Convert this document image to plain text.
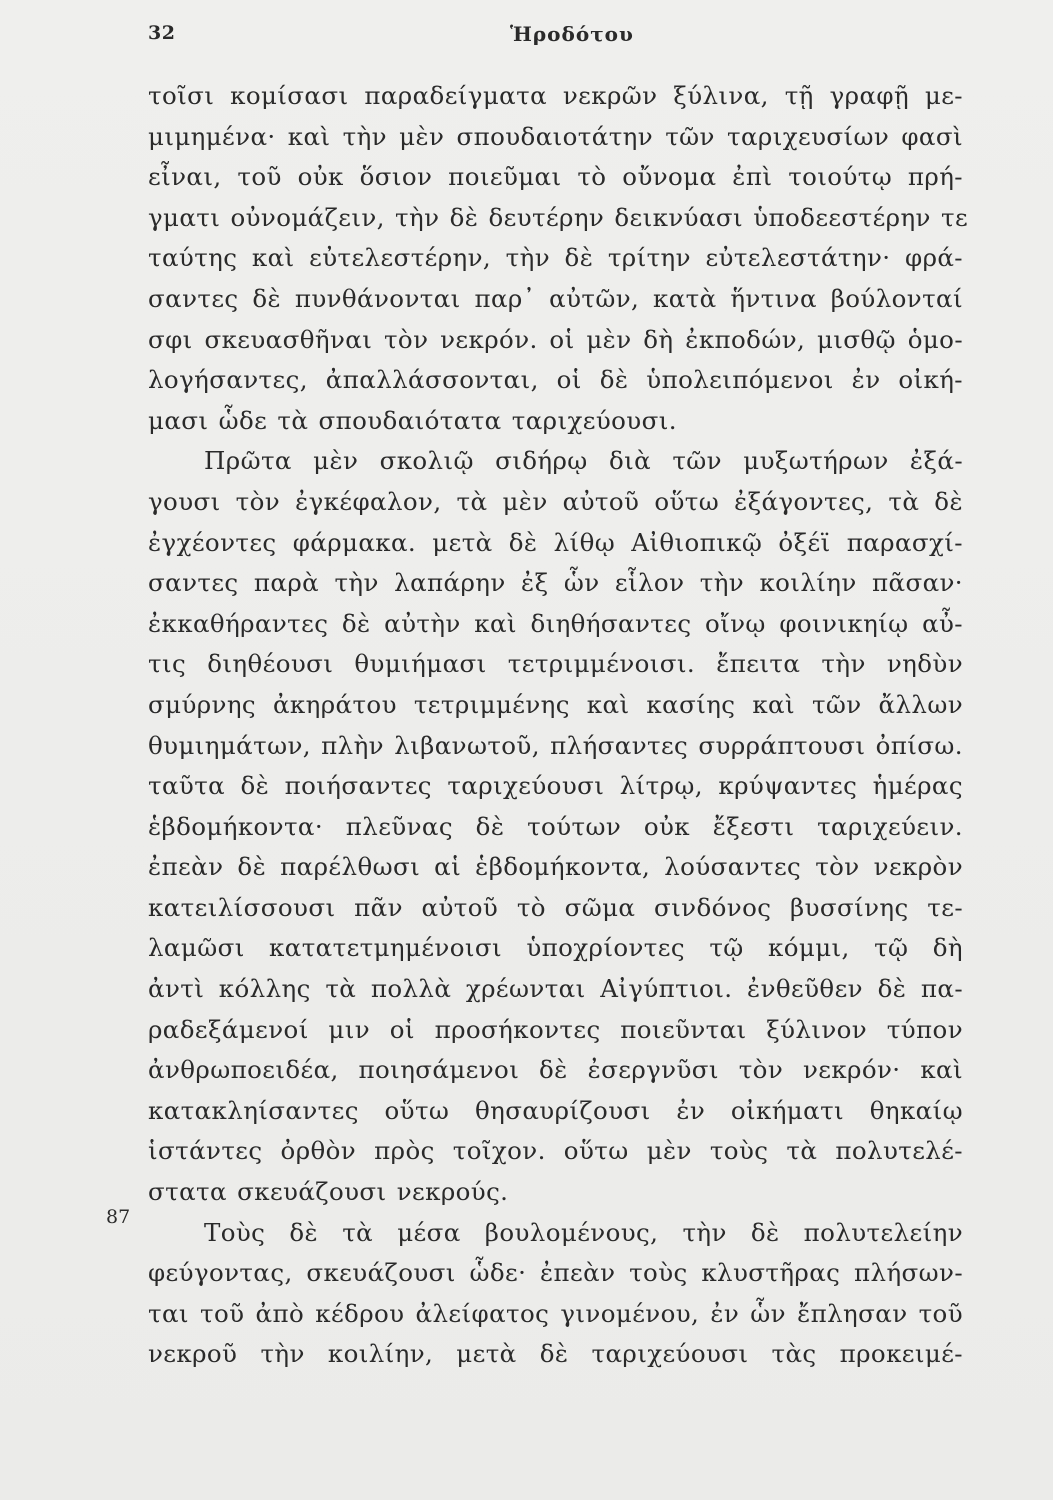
32	Ἡροδότου
87
τοῖσι κομίσασι παραδείγματα νεκρῶν ξύλινα, τῇ γραφῇ με-
μιμημένα· καὶ τὴν μὲν σπουδαιοτάτην τῶν ταριχευσίων φασὶ
εἶναι, τοῦ οὐκ ὅσιον ποιεῦμαι τὸ οὔνομα ἐπὶ τοιούτῳ πρή-
γματι οὐνομάζειν, τὴν δὲ δευτέρην δεικνύασι ὑποδεεστέρην τε
ταύτης καὶ εὐτελεστέρην, τὴν δὲ τρίτην εὐτελεστάτην· φρά-
σαντες δὲ πυνθάνονται παρ᾽ αὐτῶν, κατὰ ἥντινα βούλονταί
σφι σκευασθῆναι τὸν νεκρόν. οἱ μὲν δὴ ἐκποδών, μισθῷ ὁμο-
λογήσαντες, ἀπαλλάσσονται, οἱ δὲ ὑπολειπόμενοι ἐν οἰκή-
μασι ὧδε τὰ σπουδαιότατα ταριχεύουσι.
Πρῶτα μὲν σκολιῷ σιδήρῳ διὰ τῶν μυξωτήρων ἐξά-
γουσι τὸν ἐγκέφαλον, τὰ μὲν αὐτοῦ οὕτω ἐξάγοντες, τὰ δὲ
ἐγχέοντες φάρμακα. μετὰ δὲ λίθῳ Αἰθιοπικῷ ὀξέϊ παρασχί-
σαντες παρὰ τὴν λαπάρην ἐξ ὧν εἷλον τὴν κοιλίην πᾶσαν·
ἐκκαθήραντες δὲ αὐτὴν καὶ διηθήσαντες οἴνῳ φοινικηίῳ αὖ-
τις διηθέουσι θυμιήμασι τετριμμένοισι. ἔπειτα τὴν νηδὺν
σμύρνης ἀκηράτου τετριμμένης καὶ κασίης καὶ τῶν ἄλλων
θυμιημάτων, πλὴν λιβανωτοῦ, πλήσαντες συρράπτουσι ὀπίσω.
ταῦτα δὲ ποιήσαντες ταριχεύουσι λίτρῳ, κρύψαντες ἡμέρας
ἑβδομήκοντα· πλεῦνας δὲ τούτων οὐκ ἔξεστι ταριχεύειν.
ἐπεὰν δὲ παρέλθωσι αἱ ἑβδομήκοντα, λούσαντες τὸν νεκρὸν
κατειλίσσουσι πᾶν αὐτοῦ τὸ σῶμα σινδόνος βυσσίνης τε-
λαμῶσι κατατετμημένοισι ὑποχρίοντες τῷ κόμμι, τῷ δὴ
ἀντὶ κόλλης τὰ πολλὰ χρέωνται Αἰγύπτιοι. ἐνθεῦθεν δὲ πα-
ραδεξάμενοί μιν οἱ προσήκοντες ποιεῦνται ξύλινον τύπον
ἀνθρωποειδέα, ποιησάμενοι δὲ ἐσεργνῦσι τὸν νεκρόν· καὶ
κατακληίσαντες οὕτω θησαυρίζουσι ἐν οἰκήματι θηκαίῳ
ἱστάντες ὀρθὸν πρὸς τοῖχον. οὕτω μὲν τοὺς τὰ πολυτελέ-
στατα σκευάζουσι νεκρούς.
Τοὺς δὲ τὰ μέσα βουλομένους, τὴν δὲ πολυτελείην
φεύγοντας, σκευάζουσι ὧδε· ἐπεὰν τοὺς κλυστῆρας πλήσων-
ται τοῦ ἀπὸ κέδρου ἀλείφατος γινομένου, ἐν ὧν ἔπλησαν τοῦ
νεκροῦ τὴν κοιλίην, μετὰ δὲ ταριχεύουσι τὰς προκειμέ-
